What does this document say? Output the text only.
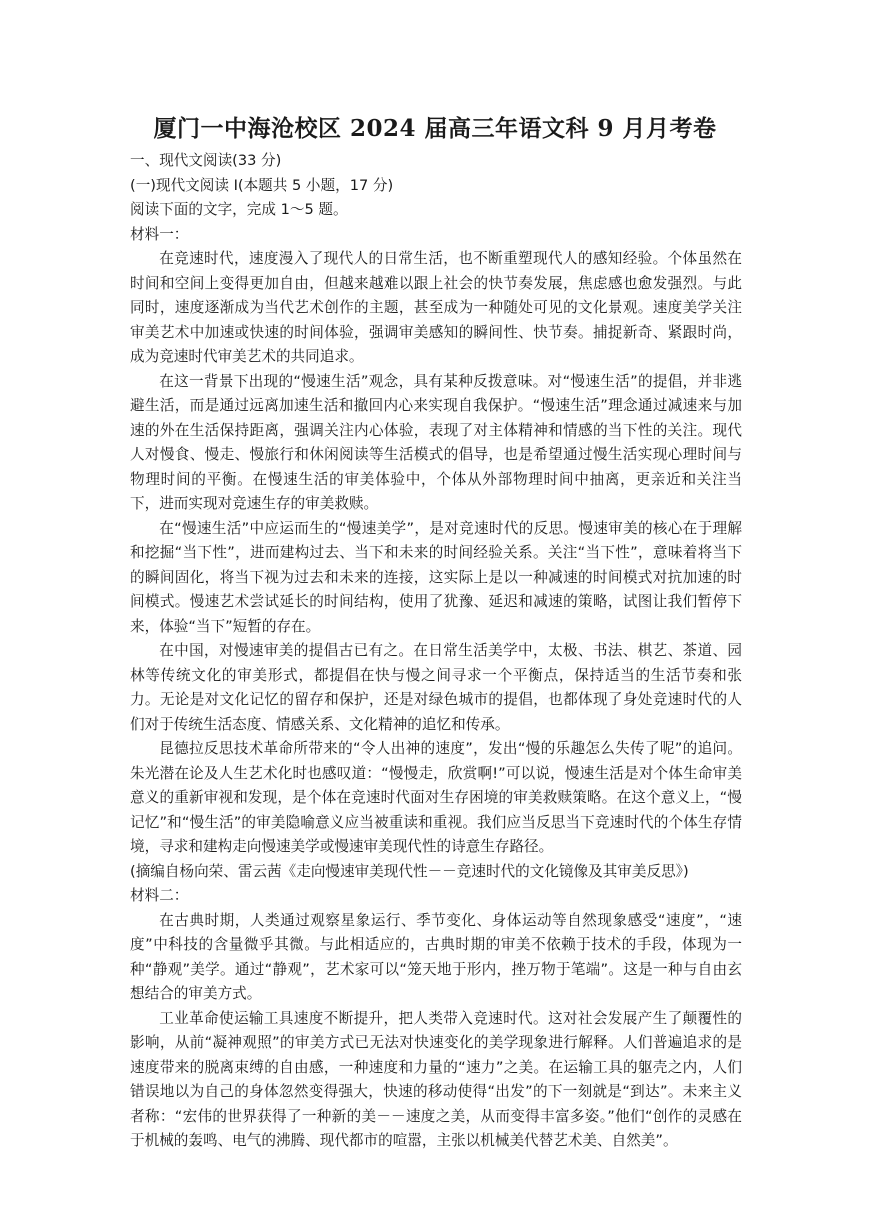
厦门一中海沧校区 2024 届高三年语文科 9 月月考卷

一、现代文阅读(33 分)

(一)现代文阅读 I(本题共 5 小题，17 分)

阅读下面的文字，完成 1～5 题。

材料一：

在竞速时代，速度漫入了现代人的日常生活，也不断重塑现代人的感知经验。个体虽然在时间和空间上变得更加自由，但越来越难以跟上社会的快节奏发展，焦虑感也愈发强烈。与此同时，速度逐渐成为当代艺术创作的主题，甚至成为一种随处可见的文化景观。速度美学关注审美艺术中加速或快速的时间体验，强调审美感知的瞬间性、快节奏。捕捉新奇、紧跟时尚，成为竞速时代审美艺术的共同追求。

在这一背景下出现的“慢速生活”观念，具有某种反拨意味。对“慢速生活”的提倡，并非逃避生活，而是通过远离加速生活和撤回内心来实现自我保护。“慢速生活”理念通过减速来与加速的外在生活保持距离，强调关注内心体验，表现了对主体精神和情感的当下性的关注。现代人对慢食、慢走、慢旅行和休闲阅读等生活模式的倡导，也是希望通过慢生活实现心理时间与物理时间的平衡。在慢速生活的审美体验中，个体从外部物理时间中抽离，更亲近和关注当下，进而实现对竞速生存的审美救赎。

在“慢速生活”中应运而生的“慢速美学”，是对竞速时代的反思。慢速审美的核心在于理解和挖掘“当下性”，进而建构过去、当下和未来的时间经验关系。关注“当下性”，意味着将当下的瞬间固化，将当下视为过去和未来的连接，这实际上是以一种减速的时间模式对抗加速的时间模式。慢速艺术尝试延长的时间结构，使用了犹豫、延迟和减速的策略，试图让我们暂停下来，体验“当下”短暂的存在。

在中国，对慢速审美的提倡古已有之。在日常生活美学中，太极、书法、棋艺、茶道、园林等传统文化的审美形式，都提倡在快与慢之间寻求一个平衡点，保持适当的生活节奏和张力。无论是对文化记忆的留存和保护，还是对绿色城市的提倡，也都体现了身处竞速时代的人们对于传统生活态度、情感关系、文化精神的追忆和传承。

昆德拉反思技术革命所带来的“令人出神的速度”，发出“慢的乐趣怎么失传了呢”的追问。朱光潜在论及人生艺术化时也感叹道：“慢慢走，欣赏啊!”可以说，慢速生活是对个体生命审美意义的重新审视和发现，是个体在竞速时代面对生存困境的审美救赎策略。在这个意义上，“慢记忆”和“慢生活”的审美隐喻意义应当被重读和重视。我们应当反思当下竞速时代的个体生存情境，寻求和建构走向慢速美学或慢速审美现代性的诗意生存路径。

(摘编自杨向荣、雷云茜《走向慢速审美现代性－－竞速时代的文化镜像及其审美反思》)

材料二：

在古典时期，人类通过观察星象运行、季节变化、身体运动等自然现象感受“速度”，“速度”中科技的含量微乎其微。与此相适应的，古典时期的审美不依赖于技术的手段，体现为一种“静观”美学。通过“静观”，艺术家可以“笼天地于形内，挫万物于笔端”。这是一种与自由玄想结合的审美方式。

工业革命使运输工具速度不断提升，把人类带入竞速时代。这对社会发展产生了颠覆性的影响，从前“凝神观照”的审美方式已无法对快速变化的美学现象进行解释。人们普遍追求的是速度带来的脱离束缚的自由感，一种速度和力量的“速力”之美。在运输工具的躯壳之内，人们错误地以为自己的身体忽然变得强大，快速的移动使得“出发”的下一刻就是“到达”。未来主义者称：“宏伟的世界获得了一种新的美－－速度之美，从而变得丰富多姿。”他们“创作的灵感在于机械的轰鸣、电气的沸腾、现代都市的喧嚣，主张以机械美代替艺术美、自然美”。
